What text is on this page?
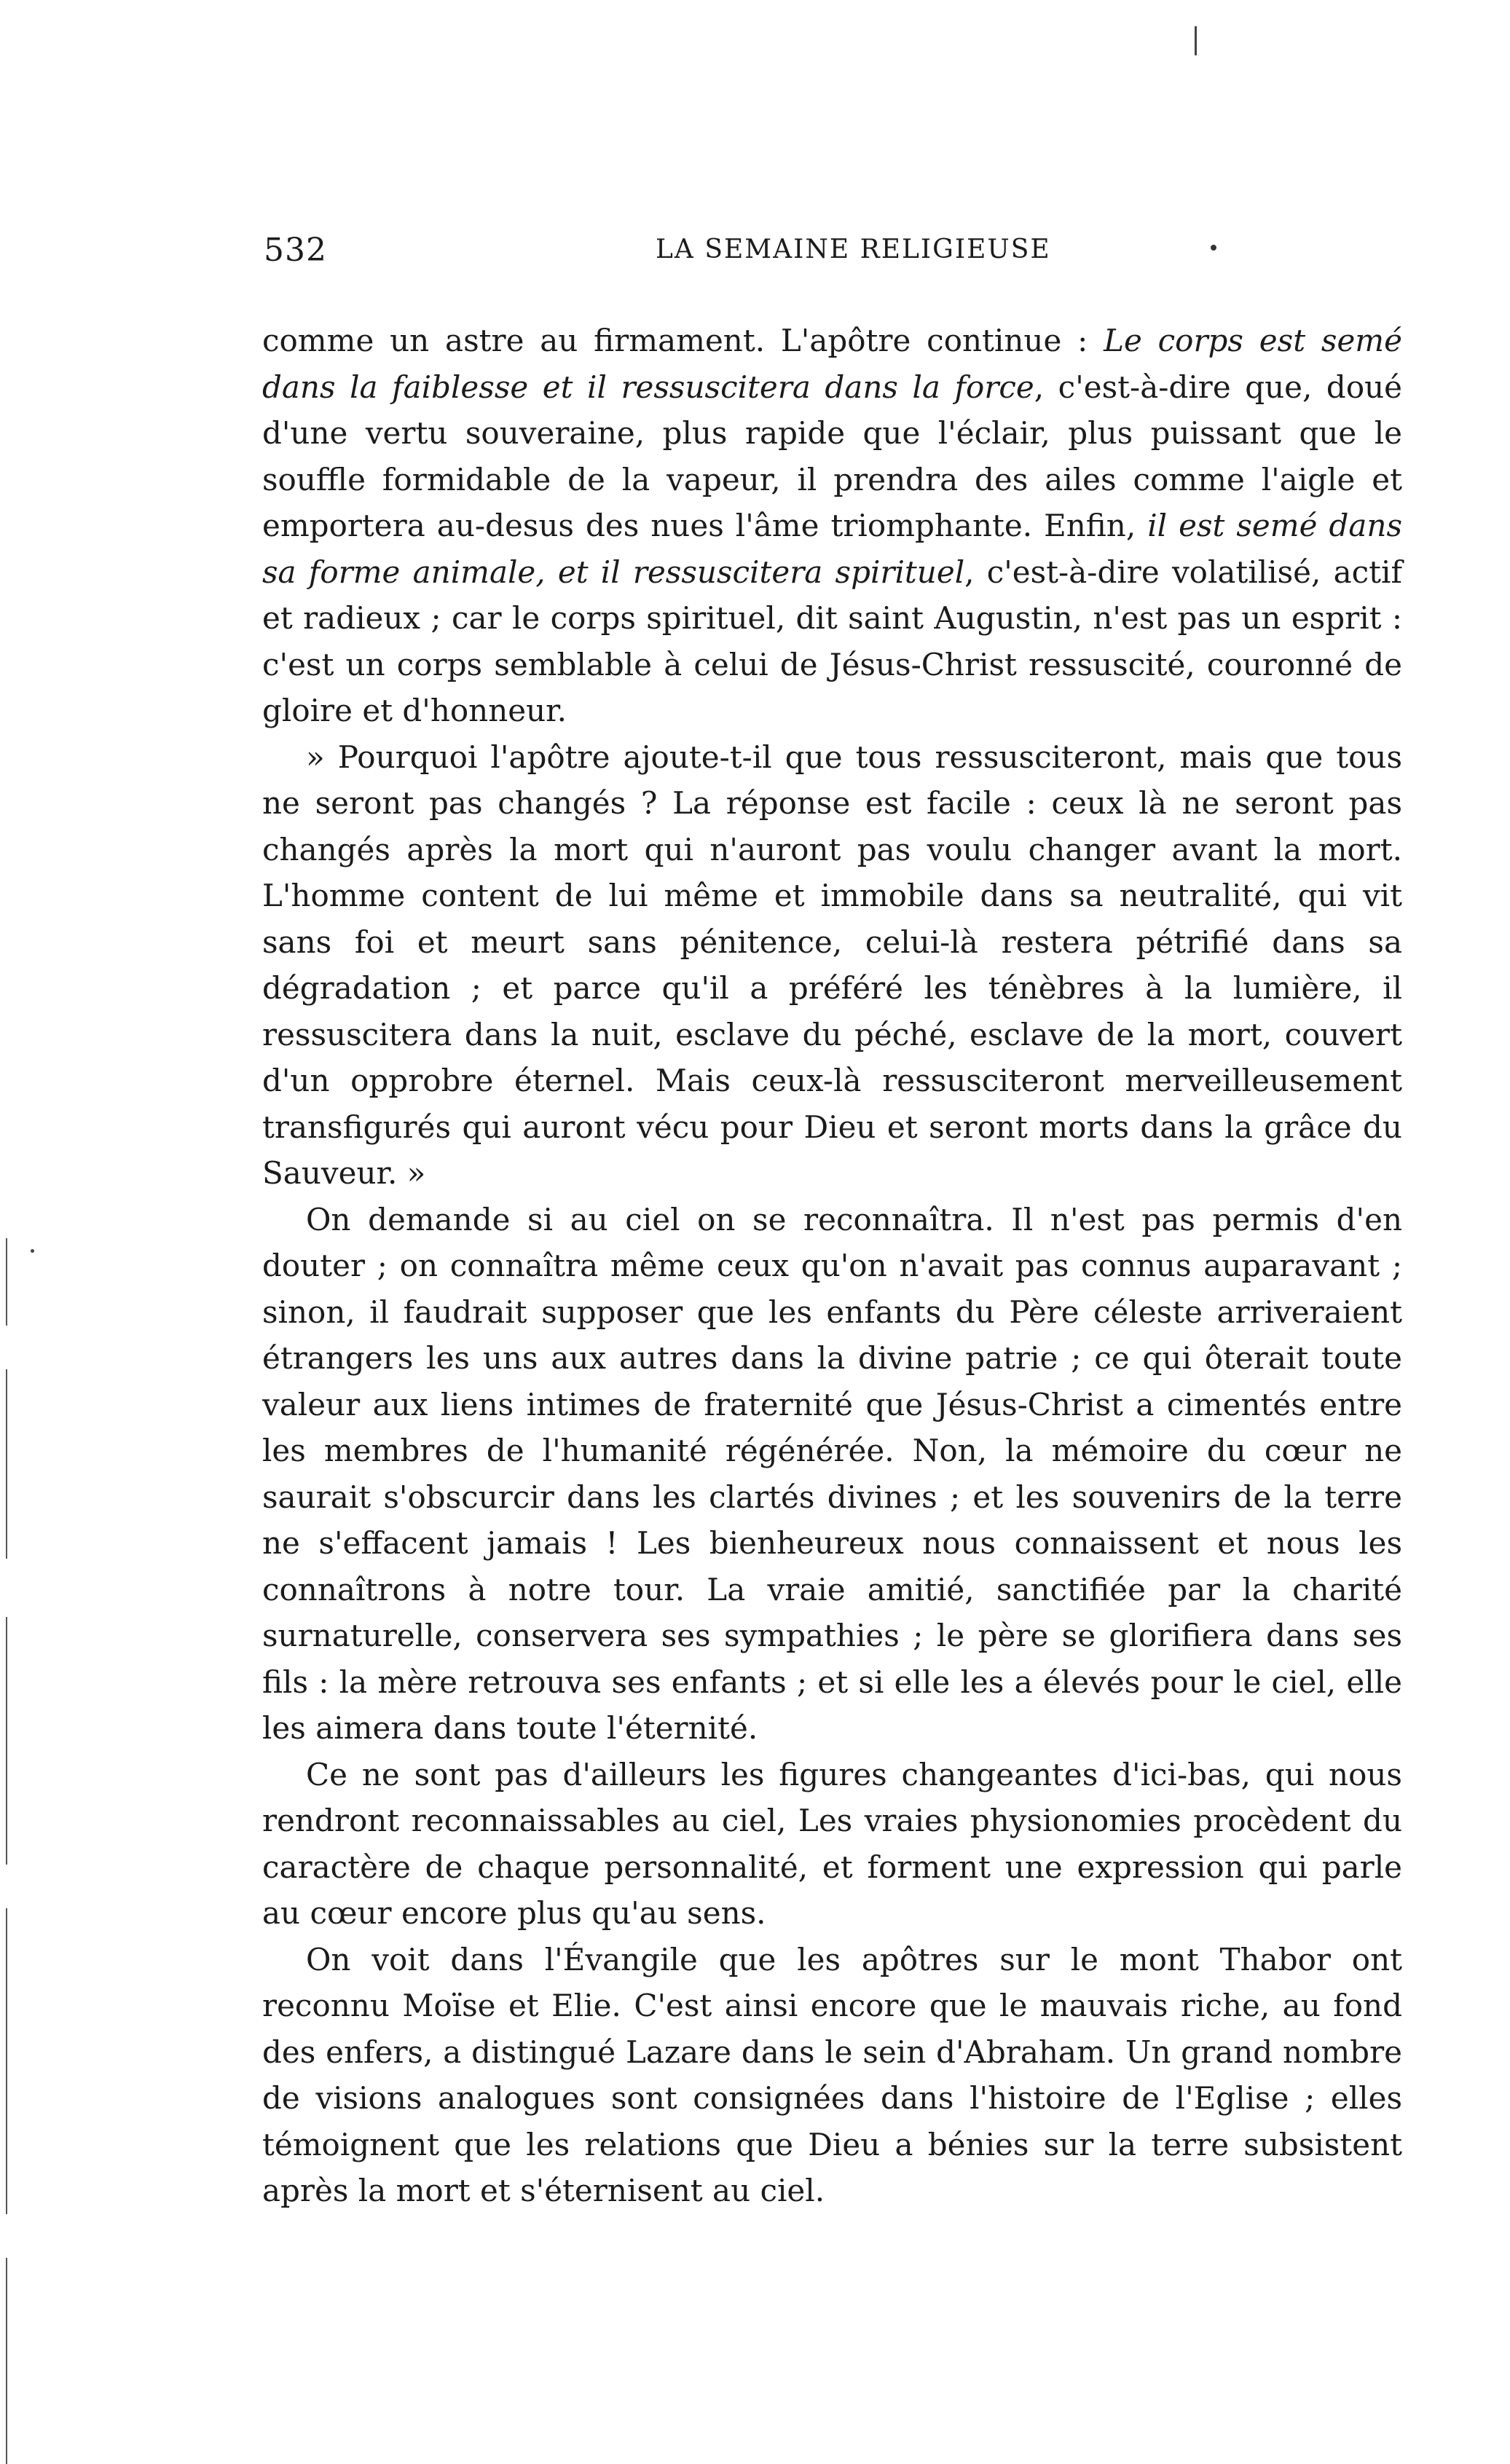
532	LA SEMAINE RELIGIEUSE

comme un astre au firmament. L'apôtre continue : Le corps est semé dans la faiblesse et il ressuscitera dans la force, c'est-à-dire que, doué d'une vertu souveraine, plus rapide que l'éclair, plus puissant que le souffle formidable de la vapeur, il prendra des ailes comme l'aigle et emportera au-desus des nues l'âme triomphante. Enfin, il est semé dans sa forme animale, et il ressuscitera spirituel, c'est-à-dire volatilisé, actif et radieux ; car le corps spirituel, dit saint Augustin, n'est pas un esprit : c'est un corps semblable à celui de Jésus-Christ ressuscité, couronné de gloire et d'honneur.

» Pourquoi l'apôtre ajoute-t-il que tous ressusciteront, mais que tous ne seront pas changés ? La réponse est facile : ceux là ne seront pas changés après la mort qui n'auront pas voulu changer avant la mort. L'homme content de lui même et immobile dans sa neutralité, qui vit sans foi et meurt sans pénitence, celui-là restera pétrifié dans sa dégradation ; et parce qu'il a préféré les ténèbres à la lumière, il ressuscitera dans la nuit, esclave du péché, esclave de la mort, couvert d'un opprobre éternel. Mais ceux-là ressusciteront merveilleusement transfigurés qui auront vécu pour Dieu et seront morts dans la grâce du Sauveur. »

On demande si au ciel on se reconnaîtra. Il n'est pas permis d'en douter ; on connaîtra même ceux qu'on n'avait pas connus auparavant ; sinon, il faudrait supposer que les enfants du Père céleste arriveraient étrangers les uns aux autres dans la divine patrie ; ce qui ôterait toute valeur aux liens intimes de fraternité que Jésus-Christ a cimentés entre les membres de l'humanité régénérée. Non, la mémoire du cœur ne saurait s'obscurcir dans les clartés divines ; et les souvenirs de la terre ne s'effacent jamais ! Les bienheureux nous connaissent et nous les connaîtrons à notre tour. La vraie amitié, sanctifiée par la charité surnaturelle, conservera ses sympathies ; le père se glorifiera dans ses fils : la mère retrouva ses enfants ; et si elle les a élevés pour le ciel, elle les aimera dans toute l'éternité.

Ce ne sont pas d'ailleurs les figures changeantes d'ici-bas, qui nous rendront reconnaissables au ciel, Les vraies physionomies procèdent du caractère de chaque personnalité, et forment une expression qui parle au cœur encore plus qu'au sens.

On voit dans l'Évangile que les apôtres sur le mont Thabor ont reconnu Moïse et Elie. C'est ainsi encore que le mauvais riche, au fond des enfers, a distingué Lazare dans le sein d'Abraham. Un grand nombre de visions analogues sont consignées dans l'histoire de l'Eglise ; elles témoignent que les relations que Dieu a bénies sur la terre subsistent après la mort et s'éternisent au ciel.
